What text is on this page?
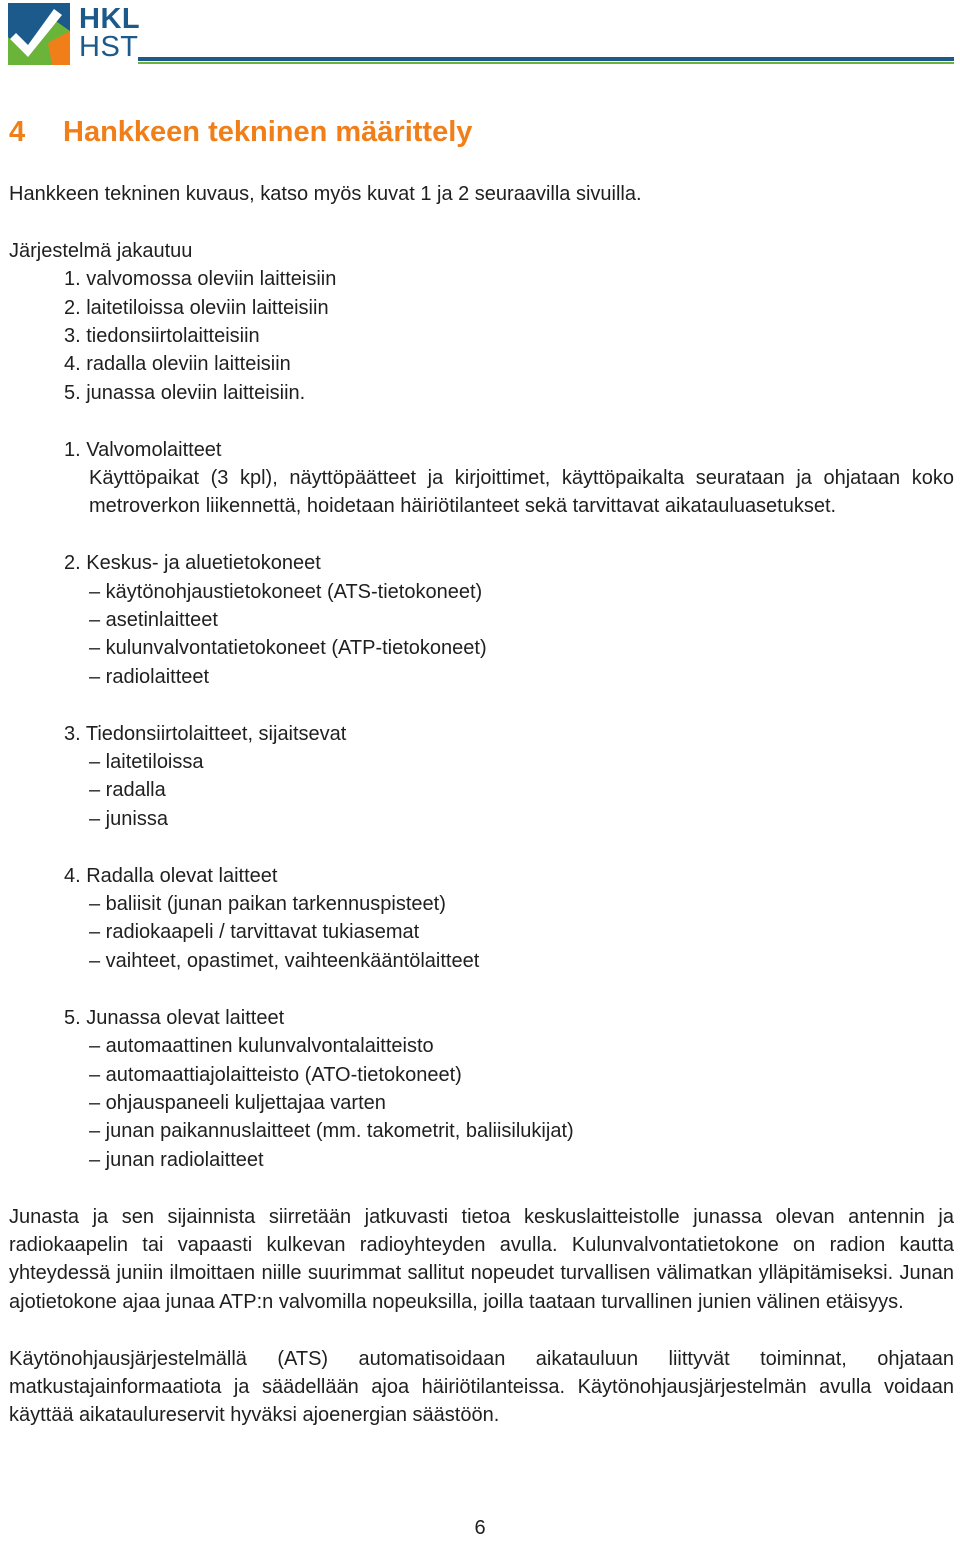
HKL
HST
4 Hankkeen tekninen määrittely

Hankkeen tekninen kuvaus, katso myös kuvat 1 ja 2 seuraavilla sivuilla.

Järjestelmä jakautuu

1. valvomossa oleviin laitteisiin
2. laitetiloissa oleviin laitteisiin
3. tiedonsiirtolaitteisiin
4. radalla oleviin laitteisiin
5. junassa oleviin laitteisiin.

1. Valvomolaitteet

Käyttöpaikat (3 kpl), näyttöpäätteet ja kirjoittimet, käyttöpaikalta seurataan ja ohjataan koko metroverkon liikennettä, hoidetaan häiriötilanteet sekä tarvittavat aikatauluasetukset.

2. Keskus- ja aluetietokoneet

– käytönohjaustietokoneet (ATS-tietokoneet)
– asetinlaitteet
– kulunvalvontatietokoneet (ATP-tietokoneet)
– radiolaitteet

3. Tiedonsiirtolaitteet, sijaitsevat

– laitetiloissa
– radalla
– junissa

4. Radalla olevat laitteet

– baliisit (junan paikan tarkennuspisteet)
– radiokaapeli / tarvittavat tukiasemat
– vaihteet, opastimet, vaihteenkääntölaitteet

5. Junassa olevat laitteet

– automaattinen kulunvalvontalaitteisto
– automaattiajolaitteisto (ATO-tietokoneet)
– ohjauspaneeli kuljettajaa varten
– junan paikannuslaitteet (mm. takometrit, baliisilukijat)
– junan radiolaitteet

Junasta ja sen sijainnista siirretään jatkuvasti tietoa keskuslaitteistolle junassa olevan antennin ja radiokaapelin tai vapaasti kulkevan radioyhteyden avulla. Kulunvalvontatietokone on radion kautta yhteydessä juniin ilmoittaen niille suurimmat sallitut nopeudet turvallisen välimatkan ylläpitämiseksi. Junan ajotietokone ajaa junaa ATP:n valvomilla nopeuksilla, joilla taataan turvallinen junien välinen etäisyys.

Käytönohjausjärjestelmällä (ATS) automatisoidaan aikatauluun liittyvät toiminnat, ohjataan matkustajainformaatiota ja säädellään ajoa häiriötilanteissa. Käytönohjausjärjestelmän avulla voidaan käyttää aikataulureservit hyväksi ajoenergian säästöön.

6
